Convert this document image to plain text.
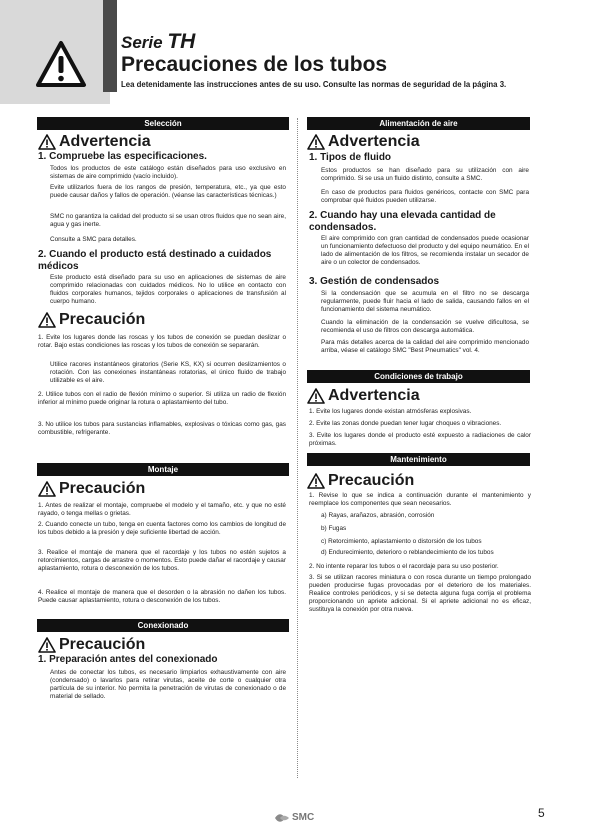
Serie TH
Precauciones de los tubos
Lea detenidamente las instrucciones antes de su uso. Consulte las normas de seguridad de la página 3.
Selección
Advertencia
1. Compruebe las especificaciones.
Todos los productos de este catálogo están diseñados para uso exclusivo en sistemas de aire comprimido (vacío incluido).
Evite utilizarlos fuera de los rangos de presión, temperatura, etc., ya que esto puede causar daños y fallos de operación. (véanse las características técnicas.)
SMC no garantiza la calidad del producto si se usan otros fluidos que no sean aire, agua y gas inerte.
Consulte a SMC para detalles.
2. Cuando el producto está destinado a cuidados médicos
Este producto está diseñado para su uso en aplicaciones de sistemas de aire comprimido relacionadas con cuidados médicos. No lo utilice en contacto con fluidos corporales humanos, tejidos corporales o aplicaciones de transfusión al cuerpo humano.
Precaución
1. Evite los lugares donde las roscas y los tubos de conexión se puedan deslizar o rotar. Bajo estas condiciones las roscas y los tubos de conexión se separarán.
Utilice racores instantáneos giratorios (Serie KS, KX) si ocurren deslizamientos o rotación. Con las conexiones instantáneas rotatorias, el único fluido de trabajo utilizable es el aire.
2. Utilice tubos con el radio de flexión mínimo o superior. Si utiliza un radio de flexión inferior al mínimo puede originar la rotura o aplastamiento del tubo.
3. No utilice los tubos para sustancias inflamables, explosivas o tóxicas como gas, gas combustible, refrigerante.
Montaje
Precaución
1. Antes de realizar el montaje, compruebe el modelo y el tamaño, etc. y que no esté rayado, o tenga mellas o grietas.
2. Cuando conecte un tubo, tenga en cuenta factores como los cambios de longitud de los tubos debido a la presión y deje suficiente libertad de acción.
3. Realice el montaje de manera que el racordaje y los tubos no estén sujetos a retorcimientos, cargas de arrastre o momentos. Esto puede dañar el racordaje y causar aplastamiento, rotura o desconexión de los tubos.
4. Realice el montaje de manera que el desorden o la abrasión no dañen los tubos. Puede causar aplastamiento, rotura o desconexión de los tubos.
Conexionado
Precaución
1. Preparación antes del conexionado
Antes de conectar los tubos, es necesario limpiarlos exhaustivamente con aire (condensado) o lavarlos para retirar virutas, aceite de corte o cualquier otra partícula de su interior. No permita la penetración de virutas de conexionado o de material de sellado.
Alimentación de aire
Advertencia
1. Tipos de fluido
Estos productos se han diseñado para su utilización con aire comprimido. Si se usa un fluido distinto, consulte a SMC.
En caso de productos para fluidos genéricos, contacte con SMC para comprobar qué fluidos pueden utilizarse.
2. Cuando hay una elevada cantidad de condensados.
El aire comprimido con gran cantidad de condensados puede ocasionar un funcionamiento defectuoso del producto y del equipo neumático. En el lado de alimentación de los filtros, se recomienda instalar un secador de aire o un colector de condensados.
3. Gestión de condensados
Si la condensación que se acumula en el filtro no se descarga regularmente, puede fluir hacia el lado de salida, causando fallos en el funcionamiento del sistema neumático.
Cuando la eliminación de la condensación se vuelve dificultosa, se recomienda el uso de filtros con descarga automática.
Para más detalles acerca de la calidad del aire comprimido mencionado arriba, véase el catálogo SMC "Best Pneumatics" vol. 4.
Condiciones de trabajo
Advertencia
1. Evite los lugares donde existan atmósferas explosivas.
2. Evite las zonas donde puedan tener lugar choques o vibraciones.
3. Evite los lugares donde el producto esté expuesto a radiaciones de calor próximas.
Mantenimiento
Precaución
1. Revise lo que se indica a continuación durante el mantenimiento y reemplace los componentes que sean necesarios.
a) Rayas, arañazos, abrasión, corrosión
b) Fugas
c) Retorcimiento, aplastamiento o distorsión de los tubos
d) Endurecimiento, deterioro o reblandecimiento de los tubos
2. No intente reparar los tubos o el racordaje para su uso posterior.
3. Si se utilizan racores miniatura o con rosca durante un tiempo prolongado pueden producirse fugas provocadas por el deterioro de los materiales. Realice controles periódicos, y si se detecta alguna fuga corrija el problema proporcionando un apriete adicional. Si el apriete adicional no es eficaz, sustituya la conexión por otra nueva.
SMC	5
